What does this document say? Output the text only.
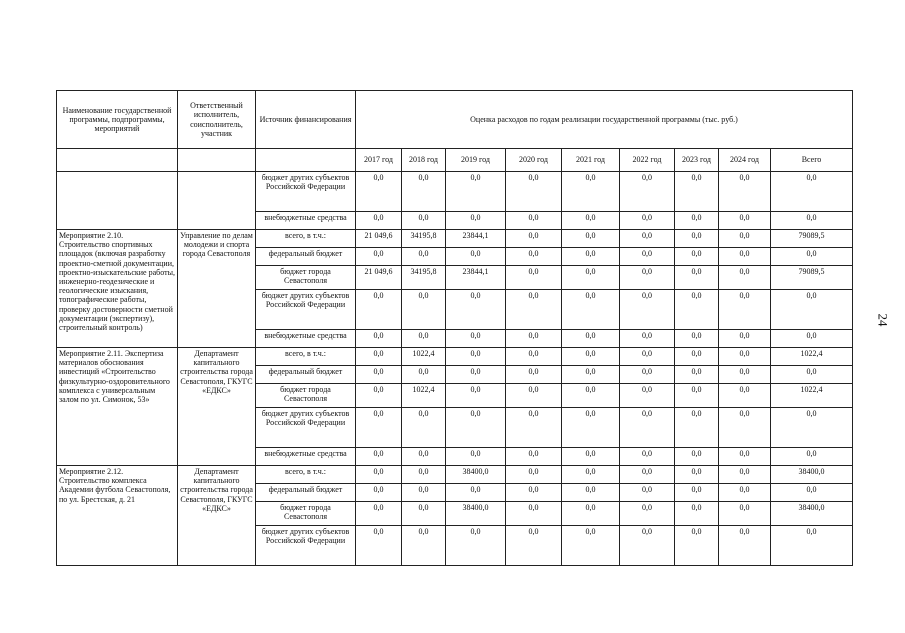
24
Наименование государственной программы, подпрограммы, мероприятий	Ответственный исполнитель, соисполнитель, участник	Источник финансирования	Оценка расходов по годам реализации государственной программы (тыс. руб.)								
			2017 год	2018 год	2019 год	2020 год	2021 год	2022 год	2023 год	2024 год	Всего
		бюджет других субъектов Российской Федерации	0,0	0,0	0,0	0,0	0,0	0,0	0,0	0,0	0,0
		внебюджетные средства	0,0	0,0	0,0	0,0	0,0	0,0	0,0	0,0	0,0
Мероприятие 2.10. Строительство спортивных площадок (включая разработку проектно-сметной документации, проектно-изыскательские работы, инженерно-геодезические и геологические изыскания, топографические работы, проверку достоверности сметной документации (экспертизу), строительный контроль)	Управление по делам молодежи и спорта города Севастополя	всего, в т.ч.:	21 049,6	34195,8	23844,1	0,0	0,0	0,0	0,0	0,0	79089,5
		федеральный бюджет	0,0	0,0	0,0	0,0	0,0	0,0	0,0	0,0	0,0
		бюджет города Севастополя	21 049,6	34195,8	23844,1	0,0	0,0	0,0	0,0	0,0	79089,5
		бюджет других субъектов Российской Федерации	0,0	0,0	0,0	0,0	0,0	0,0	0,0	0,0	0,0
		внебюджетные средства	0,0	0,0	0,0	0,0	0,0	0,0	0,0	0,0	0,0
Мероприятие 2.11. Экспертиза материалов обоснования инвестиций «Строительство физкультурно-оздоровительного комплекса с универсальным залом по ул. Симонок, 53»	Департамент капитального строительства города Севастополя, ГКУГС «ЕДКС»	всего, в т.ч.:	0,0	1022,4	0,0	0,0	0,0	0,0	0,0	0,0	1022,4
		федеральный бюджет	0,0	0,0	0,0	0,0	0,0	0,0	0,0	0,0	0,0
		бюджет города Севастополя	0,0	1022,4	0,0	0,0	0,0	0,0	0,0	0,0	1022,4
		бюджет других субъектов Российской Федерации	0,0	0,0	0,0	0,0	0,0	0,0	0,0	0,0	0,0
		внебюджетные средства	0,0	0,0	0,0	0,0	0,0	0,0	0,0	0,0	0,0
Мероприятие 2.12. Строительство комплекса Академии футбола Севастополя, по ул. Брестская, д. 21	Департамент капитального строительства города Севастополя, ГКУГС «ЕДКС»	всего, в т.ч.:	0,0	0,0	38400,0	0,0	0,0	0,0	0,0	0,0	38400,0
		федеральный бюджет	0,0	0,0	0,0	0,0	0,0	0,0	0,0	0,0	0,0
		бюджет города Севастополя	0,0	0,0	38400,0	0,0	0,0	0,0	0,0	0,0	38400,0
		бюджет других субъектов Российской Федерации	0,0	0,0	0,0	0,0	0,0	0,0	0,0	0,0	0,0
